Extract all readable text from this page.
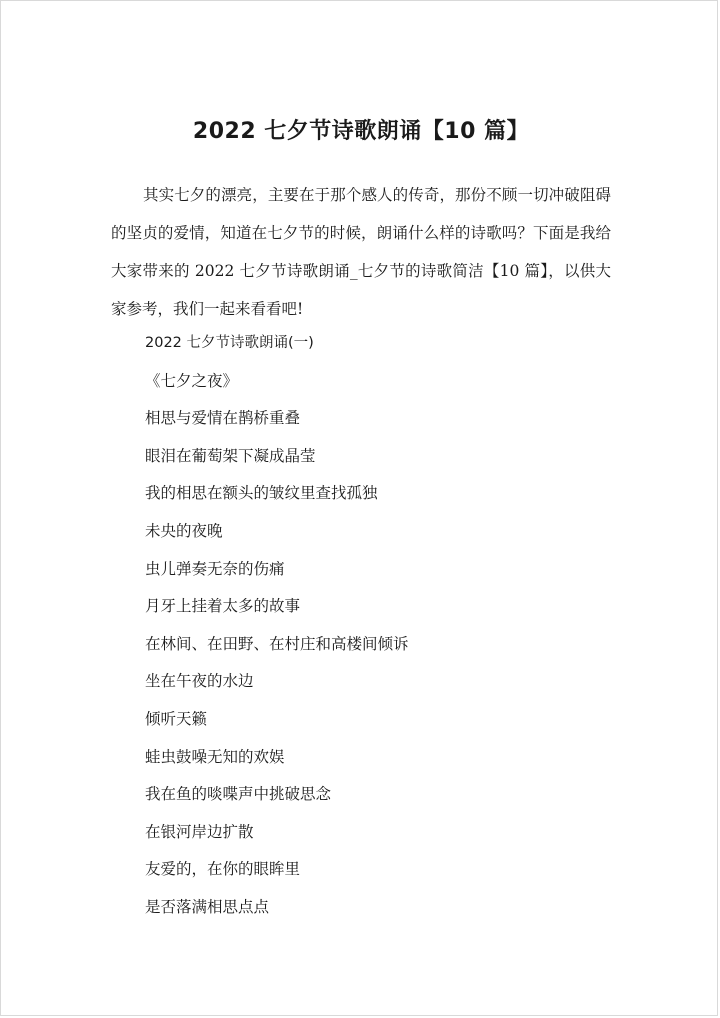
2022 七夕节诗歌朗诵【10 篇】

其实七夕的漂亮，主要在于那个感人的传奇，那份不顾一切冲破阻碍的坚贞的爱情，知道在七夕节的时候，朗诵什么样的诗歌吗？下面是我给大家带来的 2022 七夕节诗歌朗诵_七夕节的诗歌简洁【10 篇】，以供大家参考，我们一起来看看吧!

2022 七夕节诗歌朗诵(一)
《七夕之夜》
相思与爱情在鹊桥重叠
眼泪在葡萄架下凝成晶莹
我的相思在额头的皱纹里查找孤独
未央的夜晚
虫儿弹奏无奈的伤痛
月牙上挂着太多的故事
在林间、在田野、在村庄和高楼间倾诉
坐在午夜的水边
倾听天籁
蛙虫鼓噪无知的欢娱
我在鱼的啖喋声中挑破思念
在银河岸边扩散
友爱的，在你的眼眸里
是否落满相思点点
